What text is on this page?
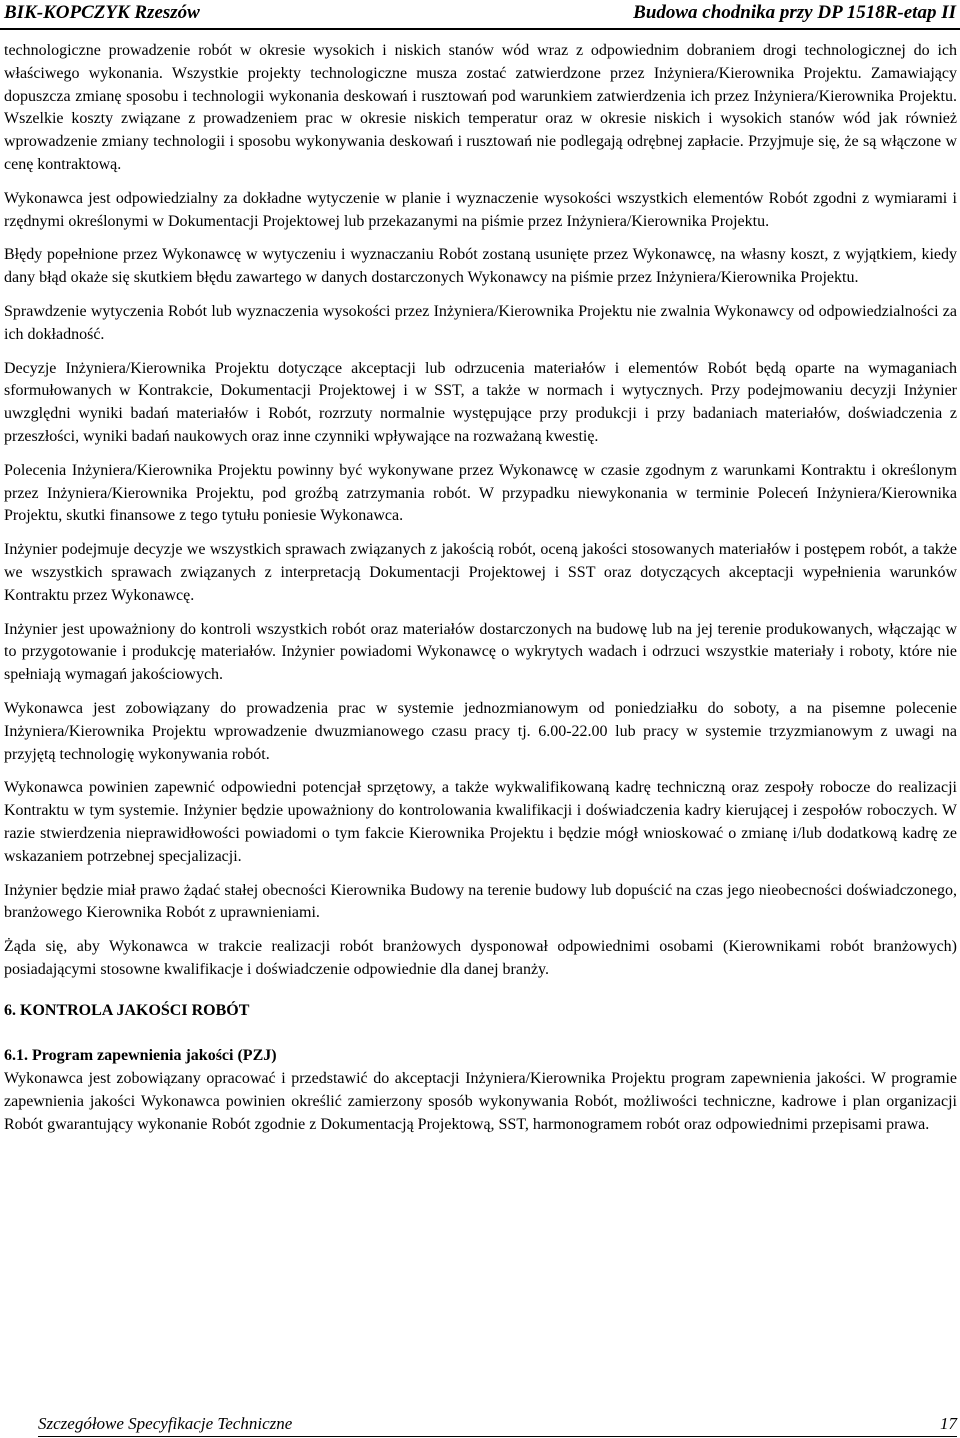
BIK-KOPCZYK Rzeszów	Budowa chodnika przy DP 1518R-etap II

technologiczne prowadzenie robót w okresie wysokich i niskich stanów wód wraz z odpowiednim dobraniem drogi technologicznej do ich właściwego wykonania. Wszystkie projekty technologiczne musza zostać zatwierdzone przez Inżyniera/Kierownika Projektu. Zamawiający dopuszcza zmianę sposobu i technologii wykonania deskowań i rusztowań pod warunkiem zatwierdzenia ich przez Inżyniera/Kierownika Projektu. Wszelkie koszty związane z prowadzeniem prac w okresie niskich temperatur oraz w okresie niskich i wysokich stanów wód jak również wprowadzenie zmiany technologii i sposobu wykonywania deskowań i rusztowań nie podlegają odrębnej zapłacie. Przyjmuje się, że są włączone w cenę kontraktową.

Wykonawca jest odpowiedzialny za dokładne wytyczenie w planie i wyznaczenie wysokości wszystkich elementów Robót zgodni z wymiarami i rzędnymi określonymi w Dokumentacji Projektowej lub przekazanymi na piśmie przez Inżyniera/Kierownika Projektu.

Błędy popełnione przez Wykonawcę w wytyczeniu i wyznaczaniu Robót zostaną usunięte przez Wykonawcę, na własny koszt, z wyjątkiem, kiedy dany błąd okaże się skutkiem błędu zawartego w danych dostarczonych Wykonawcy na piśmie przez Inżyniera/Kierownika Projektu.

Sprawdzenie wytyczenia Robót lub wyznaczenia wysokości przez Inżyniera/Kierownika Projektu nie zwalnia Wykonawcy od odpowiedzialności za ich dokładność.

Decyzje Inżyniera/Kierownika Projektu dotyczące akceptacji lub odrzucenia materiałów i elementów Robót będą oparte na wymaganiach sformułowanych w Kontrakcie, Dokumentacji Projektowej i w SST, a także w normach i wytycznych. Przy podejmowaniu decyzji Inżynier uwzględni wyniki badań materiałów i Robót, rozrzuty normalnie występujące przy produkcji i przy badaniach materiałów, doświadczenia z przeszłości, wyniki badań naukowych oraz inne czynniki wpływające na rozważaną kwestię.

Polecenia Inżyniera/Kierownika Projektu powinny być wykonywane przez Wykonawcę w czasie zgodnym z warunkami Kontraktu i określonym przez Inżyniera/Kierownika Projektu, pod groźbą zatrzymania robót. W przypadku niewykonania w terminie Poleceń Inżyniera/Kierownika Projektu, skutki finansowe z tego tytułu poniesie Wykonawca.

Inżynier podejmuje decyzje we wszystkich sprawach związanych z jakością robót, oceną jakości stosowanych materiałów i postępem robót, a także we wszystkich sprawach związanych z interpretacją Dokumentacji Projektowej i SST oraz dotyczących akceptacji wypełnienia warunków Kontraktu przez Wykonawcę.

Inżynier jest upoważniony do kontroli wszystkich robót oraz materiałów dostarczonych na budowę lub na jej terenie produkowanych, włączając w to przygotowanie i produkcję materiałów. Inżynier powiadomi Wykonawcę o wykrytych wadach i odrzuci wszystkie materiały i roboty, które nie spełniają wymagań jakościowych.

Wykonawca jest zobowiązany do prowadzenia prac w systemie jednozmianowym od poniedziałku do soboty, a na pisemne polecenie Inżyniera/Kierownika Projektu wprowadzenie dwuzmianowego czasu pracy tj. 6.00-22.00 lub pracy w systemie trzyzmianowym z uwagi na przyjętą technologię wykonywania robót.

Wykonawca powinien zapewnić odpowiedni potencjał sprzętowy, a także wykwalifikowaną kadrę techniczną oraz zespoły robocze do realizacji Kontraktu w tym systemie. Inżynier będzie upoważniony do kontrolowania kwalifikacji i doświadczenia kadry kierującej i zespołów roboczych. W razie stwierdzenia nieprawidłowości powiadomi o tym fakcie Kierownika Projektu i będzie mógł wnioskować o zmianę i/lub dodatkową kadrę ze wskazaniem potrzebnej specjalizacji.

Inżynier będzie miał prawo żądać stałej obecności Kierownika Budowy na terenie budowy lub dopuścić na czas jego nieobecności doświadczonego, branżowego Kierownika Robót z uprawnieniami.

Żąda się, aby Wykonawca w trakcie realizacji robót branżowych dysponował odpowiednimi osobami (Kierownikami robót branżowych) posiadającymi stosowne kwalifikacje i doświadczenie odpowiednie dla danej branży.

6. KONTROLA JAKOŚCI ROBÓT
6.1. Program zapewnienia jakości (PZJ)

Wykonawca jest zobowiązany opracować i przedstawić do akceptacji Inżyniera/Kierownika Projektu program zapewnienia jakości. W programie zapewnienia jakości Wykonawca powinien określić zamierzony sposób wykonywania Robót, możliwości techniczne, kadrowe i plan organizacji Robót gwarantujący wykonanie Robót zgodnie z Dokumentacją Projektową, SST, harmonogramem robót oraz odpowiednimi przepisami prawa.

Szczegółowe Specyfikacje Techniczne	17
